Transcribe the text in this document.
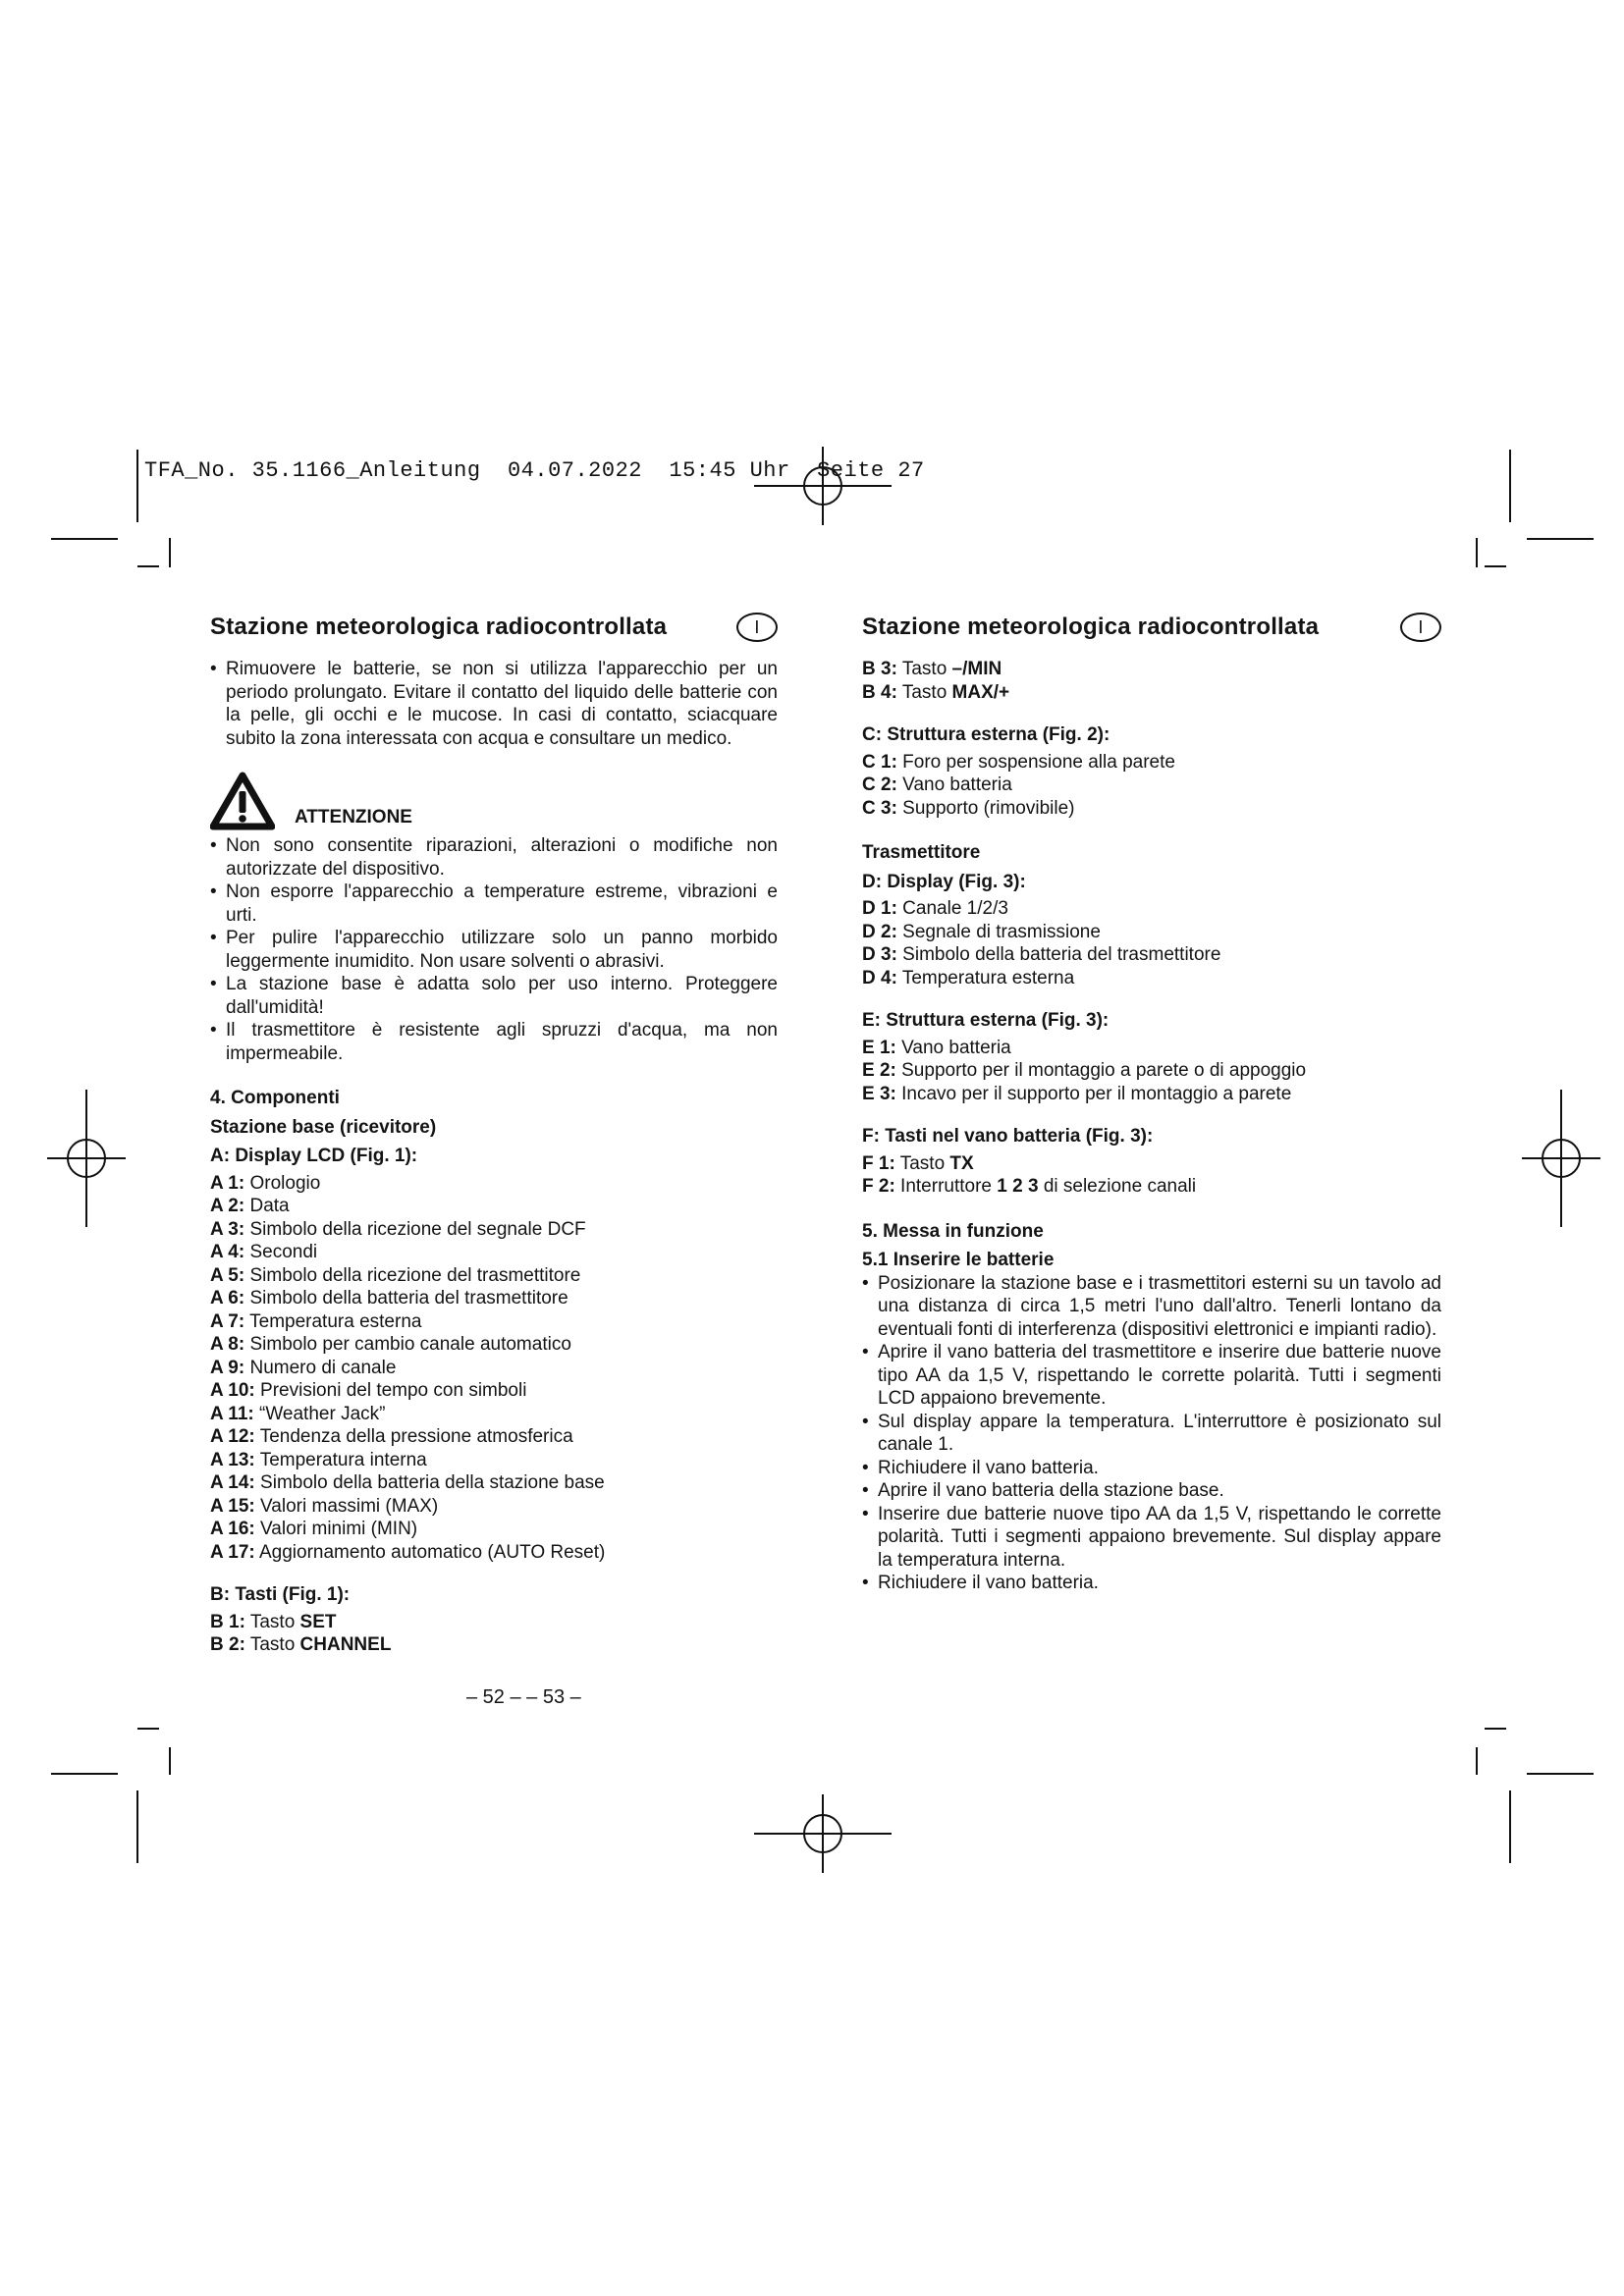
TFA_No. 35.1166_Anleitung  04.07.2022  15:45 Uhr  Seite 27
Stazione meteorologica radiocontrollata	I
• Rimuovere le batterie, se non si utilizza l'apparecchio per un periodo prolungato. Evitare il contatto del liquido delle batterie con la pelle, gli occhi e le mucose. In casi di contatto, sciacquare subito la zona interessata con acqua e consultare un medico.
ATTENZIONE
• Non sono consentite riparazioni, alterazioni o modifiche non autorizzate del dispositivo.
• Non esporre l'apparecchio a temperature estreme, vibrazioni e urti.
• Per pulire l'apparecchio utilizzare solo un panno morbido leggermente inumidito. Non usare solventi o abrasivi.
• La stazione base è adatta solo per uso interno. Proteggere dall'umidità!
• Il trasmettitore è resistente agli spruzzi d'acqua, ma non impermeabile.
4. Componenti
Stazione base (ricevitore)
A: Display LCD (Fig. 1):
A 1: Orologio
A 2: Data
A 3: Simbolo della ricezione del segnale DCF
A 4: Secondi
A 5: Simbolo della ricezione del trasmettitore
A 6: Simbolo della batteria del trasmettitore
A 7: Temperatura esterna
A 8: Simbolo per cambio canale automatico
A 9: Numero di canale
A 10: Previsioni del tempo con simboli
A 11: “Weather Jack”
A 12: Tendenza della pressione atmosferica
A 13: Temperatura interna
A 14: Simbolo della batteria della stazione base
A 15: Valori massimi (MAX)
A 16: Valori minimi (MIN)
A 17: Aggiornamento automatico (AUTO Reset)
B: Tasti (Fig. 1):
B 1: Tasto SET
B 2: Tasto CHANNEL
Stazione meteorologica radiocontrollata	I
B 3: Tasto –/MIN
B 4: Tasto MAX/+
C: Struttura esterna (Fig. 2):
C 1: Foro per sospensione alla parete
C 2: Vano batteria
C 3: Supporto (rimovibile)
Trasmettitore
D: Display (Fig. 3):
D 1: Canale 1/2/3
D 2: Segnale di trasmissione
D 3: Simbolo della batteria del trasmettitore
D 4: Temperatura esterna
E: Struttura esterna (Fig. 3):
E 1: Vano batteria
E 2: Supporto per il montaggio a parete o di appoggio
E 3: Incavo per il supporto per il montaggio a parete
F: Tasti nel vano batteria (Fig. 3):
F 1: Tasto TX
F 2: Interruttore 1 2 3 di selezione canali
5. Messa in funzione
5.1 Inserire le batterie
• Posizionare la stazione base e i trasmettitori esterni su un tavolo ad una distanza di circa 1,5 metri l'uno dall'altro. Tenerli lontano da eventuali fonti di interferenza (dispositivi elettronici e impianti radio).
• Aprire il vano batteria del trasmettitore e inserire due batterie nuove tipo AA da 1,5 V, rispettando le corrette polarità. Tutti i segmenti LCD appaiono brevemente.
• Sul display appare la temperatura. L'interruttore è posizionato sul canale 1.
• Richiudere il vano batteria.
• Aprire il vano batteria della stazione base.
• Inserire due batterie nuove tipo AA da 1,5 V, rispettando le corrette polarità. Tutti i segmenti appaiono brevemente. Sul display appare la temperatura interna.
• Richiudere il vano batteria.
– 52 – – 53 –
